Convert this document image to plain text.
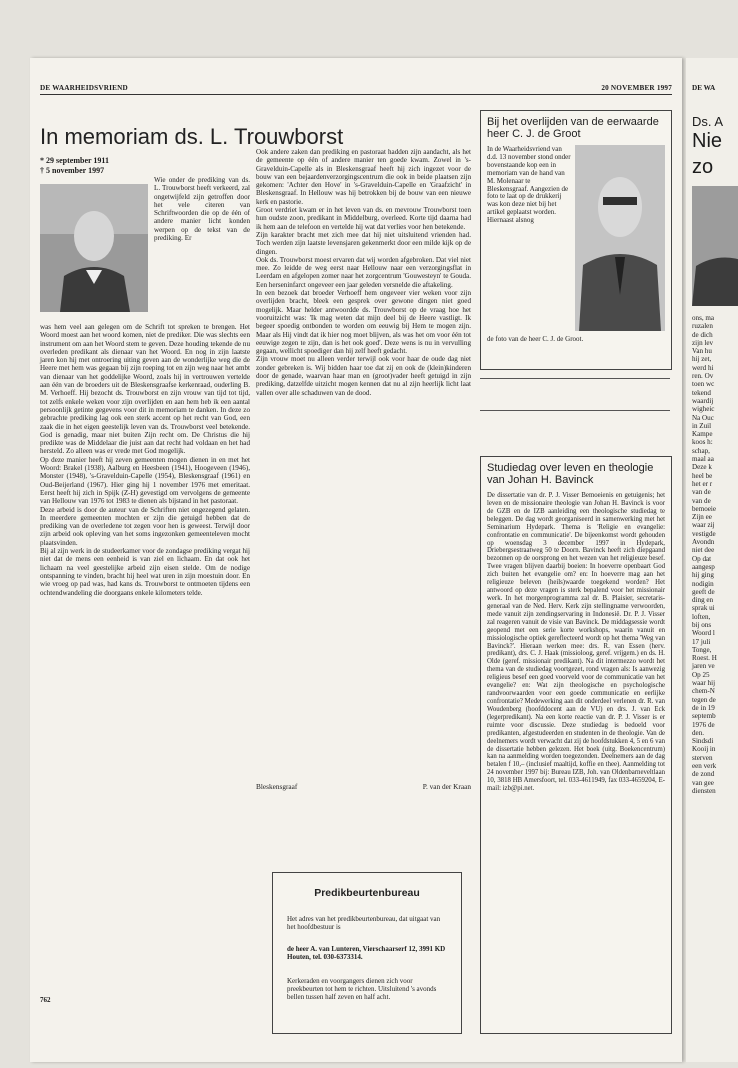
DE WAARHEIDSVRIEND	20 NOVEMBER 1997
In memoriam ds. L. Trouwborst
* 29 september 1911
† 5 november 1997

Wie onder de prediking van ds. L. Trouwborst heeft verkeerd, zal ongetwijfeld zijn getroffen door het vele citeren van Schriftwoorden die op de één of andere manier licht konden werpen op de tekst van de prediking. Er

was hem veel aan gelegen om de Schrift tot spreken te brengen. Het Woord moest aan het woord komen, niet de prediker. Die was slechts een instrument om aan het Woord stem te geven. Deze houding tekende de nu overleden predikant als dienaar van het Woord. En nog in zijn laatste jaren kon hij met ontroering uiting geven aan de wonderlijke weg die de Heere met hem was gegaan bij zijn roeping tot en zijn weg naar het ambt van dienaar van het goddelijke Woord, zoals hij in vertrouwen vertelde aan één van de broeders uit de Bleskensgraafse kerkenraad, ouderling B. M. Verhoeff. Hij bezocht ds. Trouwborst en zijn vrouw van tijd tot tijd, tot zelfs enkele weken voor zijn overlijden en aan hem heb ik een aantal persoonlijk getinte gegevens voor dit in memoriam te danken. In deze zo gebrachte prediking lag ook een sterk accent op het recht van God, een zaak die in het eigen geestelijk leven van ds. Trouwborst veel betekende. God is genadig, maar niet buiten Zijn recht om. De Christus die hij predikte was de Middelaar die juist aan dat recht had voldaan en het had hersteld. Zo alleen was er vrede met God mogelijk.

Op deze manier heeft hij zeven gemeenten mogen dienen in en met het Woord: Brakel (1938), Aalburg en Heesbeen (1941), Hoogeveen (1946), Monster (1948), 's-Gravelduin-Capelle (1954), Bleskensgraaf (1961) en Oud-Beijerland (1967). Hier ging hij 1 november 1976 met emeritaat. Eerst heeft hij zich in Spijk (Z-H) gevestigd om vervolgens de gemeente van Hellouw van 1976 tot 1983 te dienen als bijstand in het pastoraat.

Deze arbeid is door de auteur van de Schriften niet ongezegend gelaten. In meerdere gemeenten mochten er zijn die getuigd hebben dat de prediking van de overledene tot zegen voor hen is geweest. Terwijl door zijn arbeid ook opleving van het soms ingezonken gemeenteleven mocht plaatsvinden.

Bij al zijn werk in de studeerkamer voor de zondagse prediking vergat hij niet dat de mens een eenheid is van ziel en lichaam. En dat ook het lichaam na veel geestelijke arbeid zijn eisen stelde. Om de nodige ontspanning te vinden, bracht hij heel wat uren in zijn moestuin door. En wie vroeg op pad was, had kans ds. Trouwborst te ontmoeten tijdens een ochtendwandeling die doorgaans enkele kilometers telde.

Ook andere zaken dan prediking en pastoraat hadden zijn aandacht, als het de gemeente op één of andere manier ten goede kwam. Zowel in 's-Gravelduin-Capelle als in Bleskensgraaf heeft hij zich ingezet voor de bouw van een bejaardenverzorgingscentrum die ook in beide plaatsen zijn gekomen: 'Achter den Hove' in 's-Gravelduin-Capelle en 'Graafzicht' in Bleskensgraaf. In Hellouw was hij betrokken bij de bouw van een nieuwe kerk en pastorie.

Groot verdriet kwam er in het leven van ds. en mevrouw Trouwborst toen hun oudste zoon, predikant in Middelburg, overleed. Korte tijd daarna had ik hem aan de telefoon en vertelde hij wat dat verlies voor hen betekende.

Zijn karakter bracht met zich mee dat hij niet uitsluitend vrienden had. Toch werden zijn laatste levensjaren gekenmerkt door een milde kijk op de dingen.

Ook ds. Trouwborst moest ervaren dat wij worden afgebroken. Dat viel niet mee. Zo leidde de weg eerst naar Hellouw naar een verzorgingsflat in Leerdam en afgelopen zomer naar het zorgcentrum 'Gouwesteyn' te Gouda. Een herseninfarct ongeveer een jaar geleden versnelde die aftakeling.

In een bezoek dat broeder Verhoeff hem ongeveer vier weken voor zijn overlijden bracht, bleek een gesprek over gewone dingen niet goed mogelijk. Maar helder antwoordde ds. Trouwborst op de vraag hoe het vooruitzicht was: 'Ik mag weten dat mijn deel bij de Heere vastligt. Ik begeer spoedig ontbonden te worden om eeuwig bij Hem te mogen zijn. Maar als Hij vindt dat ik hier nog moet blijven, als was het om voor één tot eeuwige zegen te zijn, dan is het ook goed'. Deze wens is nu in vervulling gegaan, wellicht spoediger dan hij zelf heeft gedacht.

Zijn vrouw moet nu alleen verder terwijl ook voor haar de oude dag niet zonder gebreken is. Wij bidden haar toe dat zij en ook de (klein)kinderen door de genade, waarvan haar man en (groot)vader heeft getuigd in zijn prediking, datzelfde uitzicht mogen kennen dat nu al zijn heerlijk licht laat vallen over alle schaduwen van de dood.

Bleskensgraaf	P. van der Kraan
Bij het overlijden van de eerwaarde heer C. J. de Groot
In de Waarheidsvriend van d.d. 13 november stond onder bovenstaande kop een in memoriam van de hand van M. Molenaar te Bleskensgraaf. Aangezien de foto te laat op de drukkerij was kon deze niet bij het artikel geplaatst worden. Hiernaast alsnog
de foto van de heer C. J. de Groot.
Studiedag over leven en theologie van Johan H. Bavinck
De dissertatie van dr. P. J. Visser Bemoeienis en getuigenis; het leven en de missionaire theologie van Johan H. Bavinck is voor de GZB en de IZB aanleiding een theologische studiedag te beleggen. De dag wordt georganiseerd in samenwerking met het Seminarium Hydepark. Thema is 'Religie en evangelie: confrontatie en communicatie'. De bijeenkomst wordt gehouden op woensdag 3 december 1997 in Hydepark, Driebergsestraatweg 50 te Doorn. Bavinck heeft zich diepgaand bezonnen op de oorsprong en het wezen van het religieuze besef. Twee vragen blijven daarbij boeien: In hoeverre openbaart God zich buiten het evangelie om? en: In hoeverre mag aan het religieuze beleven (heils)waarde toegekend worden? Het antwoord op deze vragen is sterk bepalend voor het missionair werk. In het morgenprogramma zal dr. B. Plaisier, secretaris-generaal van de Ned. Herv. Kerk zijn stellingname verwoorden, mede vanuit zijn zendingservaring in Indonesië. Dr. P. J. Visser zal reageren vanuit de visie van Bavinck. De middagsessie wordt geopend met een serie korte workshops, waarin vanuit en missiologische optiek gereflecteerd wordt op het thema 'Weg van Bavinck?'. Hieraan werken mee: drs. R. van Essen (herv. predikant), drs. C. J. Haak (missioloog, geref. vrijgem.) en ds. H. Olde (geref. missionair predikant). Na dit intermezzo wordt het thema van de studiedag voortgezet, rond vragen als: Is aanwezig religieus besef een goed voorveld voor de communicatie van het evangelie? en: Wat zijn theologische en psychologische randvoorwaarden voor een goede communicatie en eerlijke confrontatie? Medewerking aan dit onderdeel verlenen dr. R. van Woudenberg (hoofddocent aan de VU) en drs. J. van Eck (legerpredikant). Na een korte reactie van dr. P. J. Visser is er ruimte voor discussie. Deze studiedag is bedoeld voor predikanten, afgestudeerden en studenten in de theologie. Van de deelnemers wordt verwacht dat zij de hoofdstukken 4, 5 en 6 van de dissertatie hebben gelezen. Het boek (uitg. Boekencentrum) kan na aanmelding worden toegezonden. Deelnemers aan de dag betalen f 10,– (inclusief maaltijd, koffie en thee). Aanmelding tot 24 november 1997 bij: Bureau IZB, Joh. van Oldenbarneveltlaan 10, 3818 HB Amersfoort, tel. 033-4611949, fax 033-4659204, E-mail: izb@pi.net.
Predikbeurtenbureau
Het adres van het predikbeurtenbureau, dat uitgaat van het hoofdbestuur is
de heer A. van Lunteren, Vierschaarserf 12, 3991 KD Houten, tel. 030-6373314.
Kerkeraden en voorgangers dienen zich voor preekbeurten tot hem te richten. Uitsluitend 's avonds bellen tussen half zeven en half acht.
762
DE WA
Ds. A
Nie
zo
ons, ma
ruzalen
de dich
zijn lev
Van hu
hij zet,
werd hi
ren. Ov
toen wc
tekend
waardij
wigheic
Na Ouc
in Zuil
Kampe
koos h:
schap,
maal aa
Deze k
heel be
het er r
van de
van de
bemoeie
Zijn ee
waar zij
vestigde
Avondn
niet dee
Op dat
aangesp
hij ging
nodigin
geeft de
ding en
sprak ui
loften,
bij ons
Woord l
17 juli
Tonge,
Roest. H
jaren ve
Op 25
waar hij
chem-N
tegen de
de in 19
septemb
1976 de
den.
Sindsdi
Kooij in
sterven
een verk
de zond
van gee
diensten
